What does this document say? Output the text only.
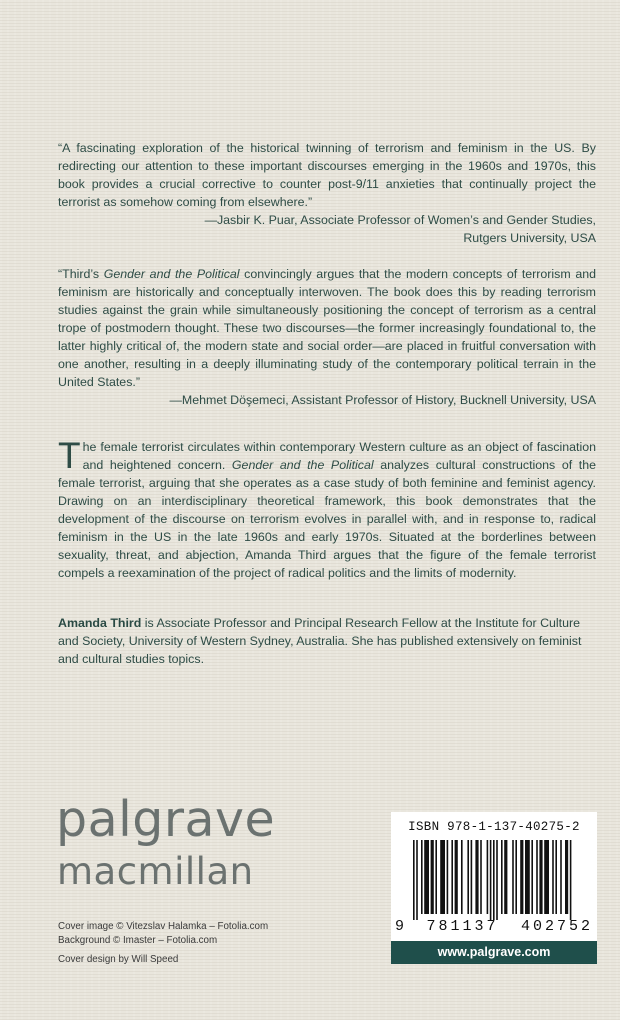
“A fascinating exploration of the historical twinning of terrorism and feminism in the US. By redirecting our attention to these important discourses emerging in the 1960s and 1970s, this book provides a crucial corrective to counter post-9/11 anxieties that continually project the terrorist as somehow coming from elsewhere.”

—Jasbir K. Puar, Associate Professor of Women’s and Gender Studies,
Rutgers University, USA

“Third’s Gender and the Political convincingly argues that the modern concepts of terrorism and feminism are historically and conceptually interwoven. The book does this by reading terrorism studies against the grain while simultaneously positioning the concept of terrorism as a central trope of postmodern thought. These two discourses—the former increasingly foundational to, the latter highly critical of, the modern state and social order—are placed in fruitful conversation with one another, resulting in a deeply illuminating study of the contemporary political terrain in the United States.”

—Mehmet Döşemeci, Assistant Professor of History, Bucknell University, USA

The female terrorist circulates within contemporary Western culture as an object of fascination and heightened concern. Gender and the Political analyzes cultural constructions of the female terrorist, arguing that she operates as a case study of both feminine and feminist agency. Drawing on an interdisciplinary theoretical framework, this book demonstrates that the development of the discourse on terrorism evolves in parallel with, and in response to, radical feminism in the US in the late 1960s and early 1970s. Situated at the borderlines between sexuality, threat, and abjection, Amanda Third argues that the figure of the female terrorist compels a reexamination of the project of radical politics and the limits of modernity.

Amanda Third is Associate Professor and Principal Research Fellow at the Institute for Culture and Society, University of Western Sydney, Australia. She has published extensively on feminist and cultural studies topics.

palgrave
macmillan
Cover image © Vitezslav Halamka – Fotolia.com
Background © Imaster – Fotolia.com
Cover design by Will Speed
ISBN 978-1-137-40275-2
9 781137 402752
www.palgrave.com
